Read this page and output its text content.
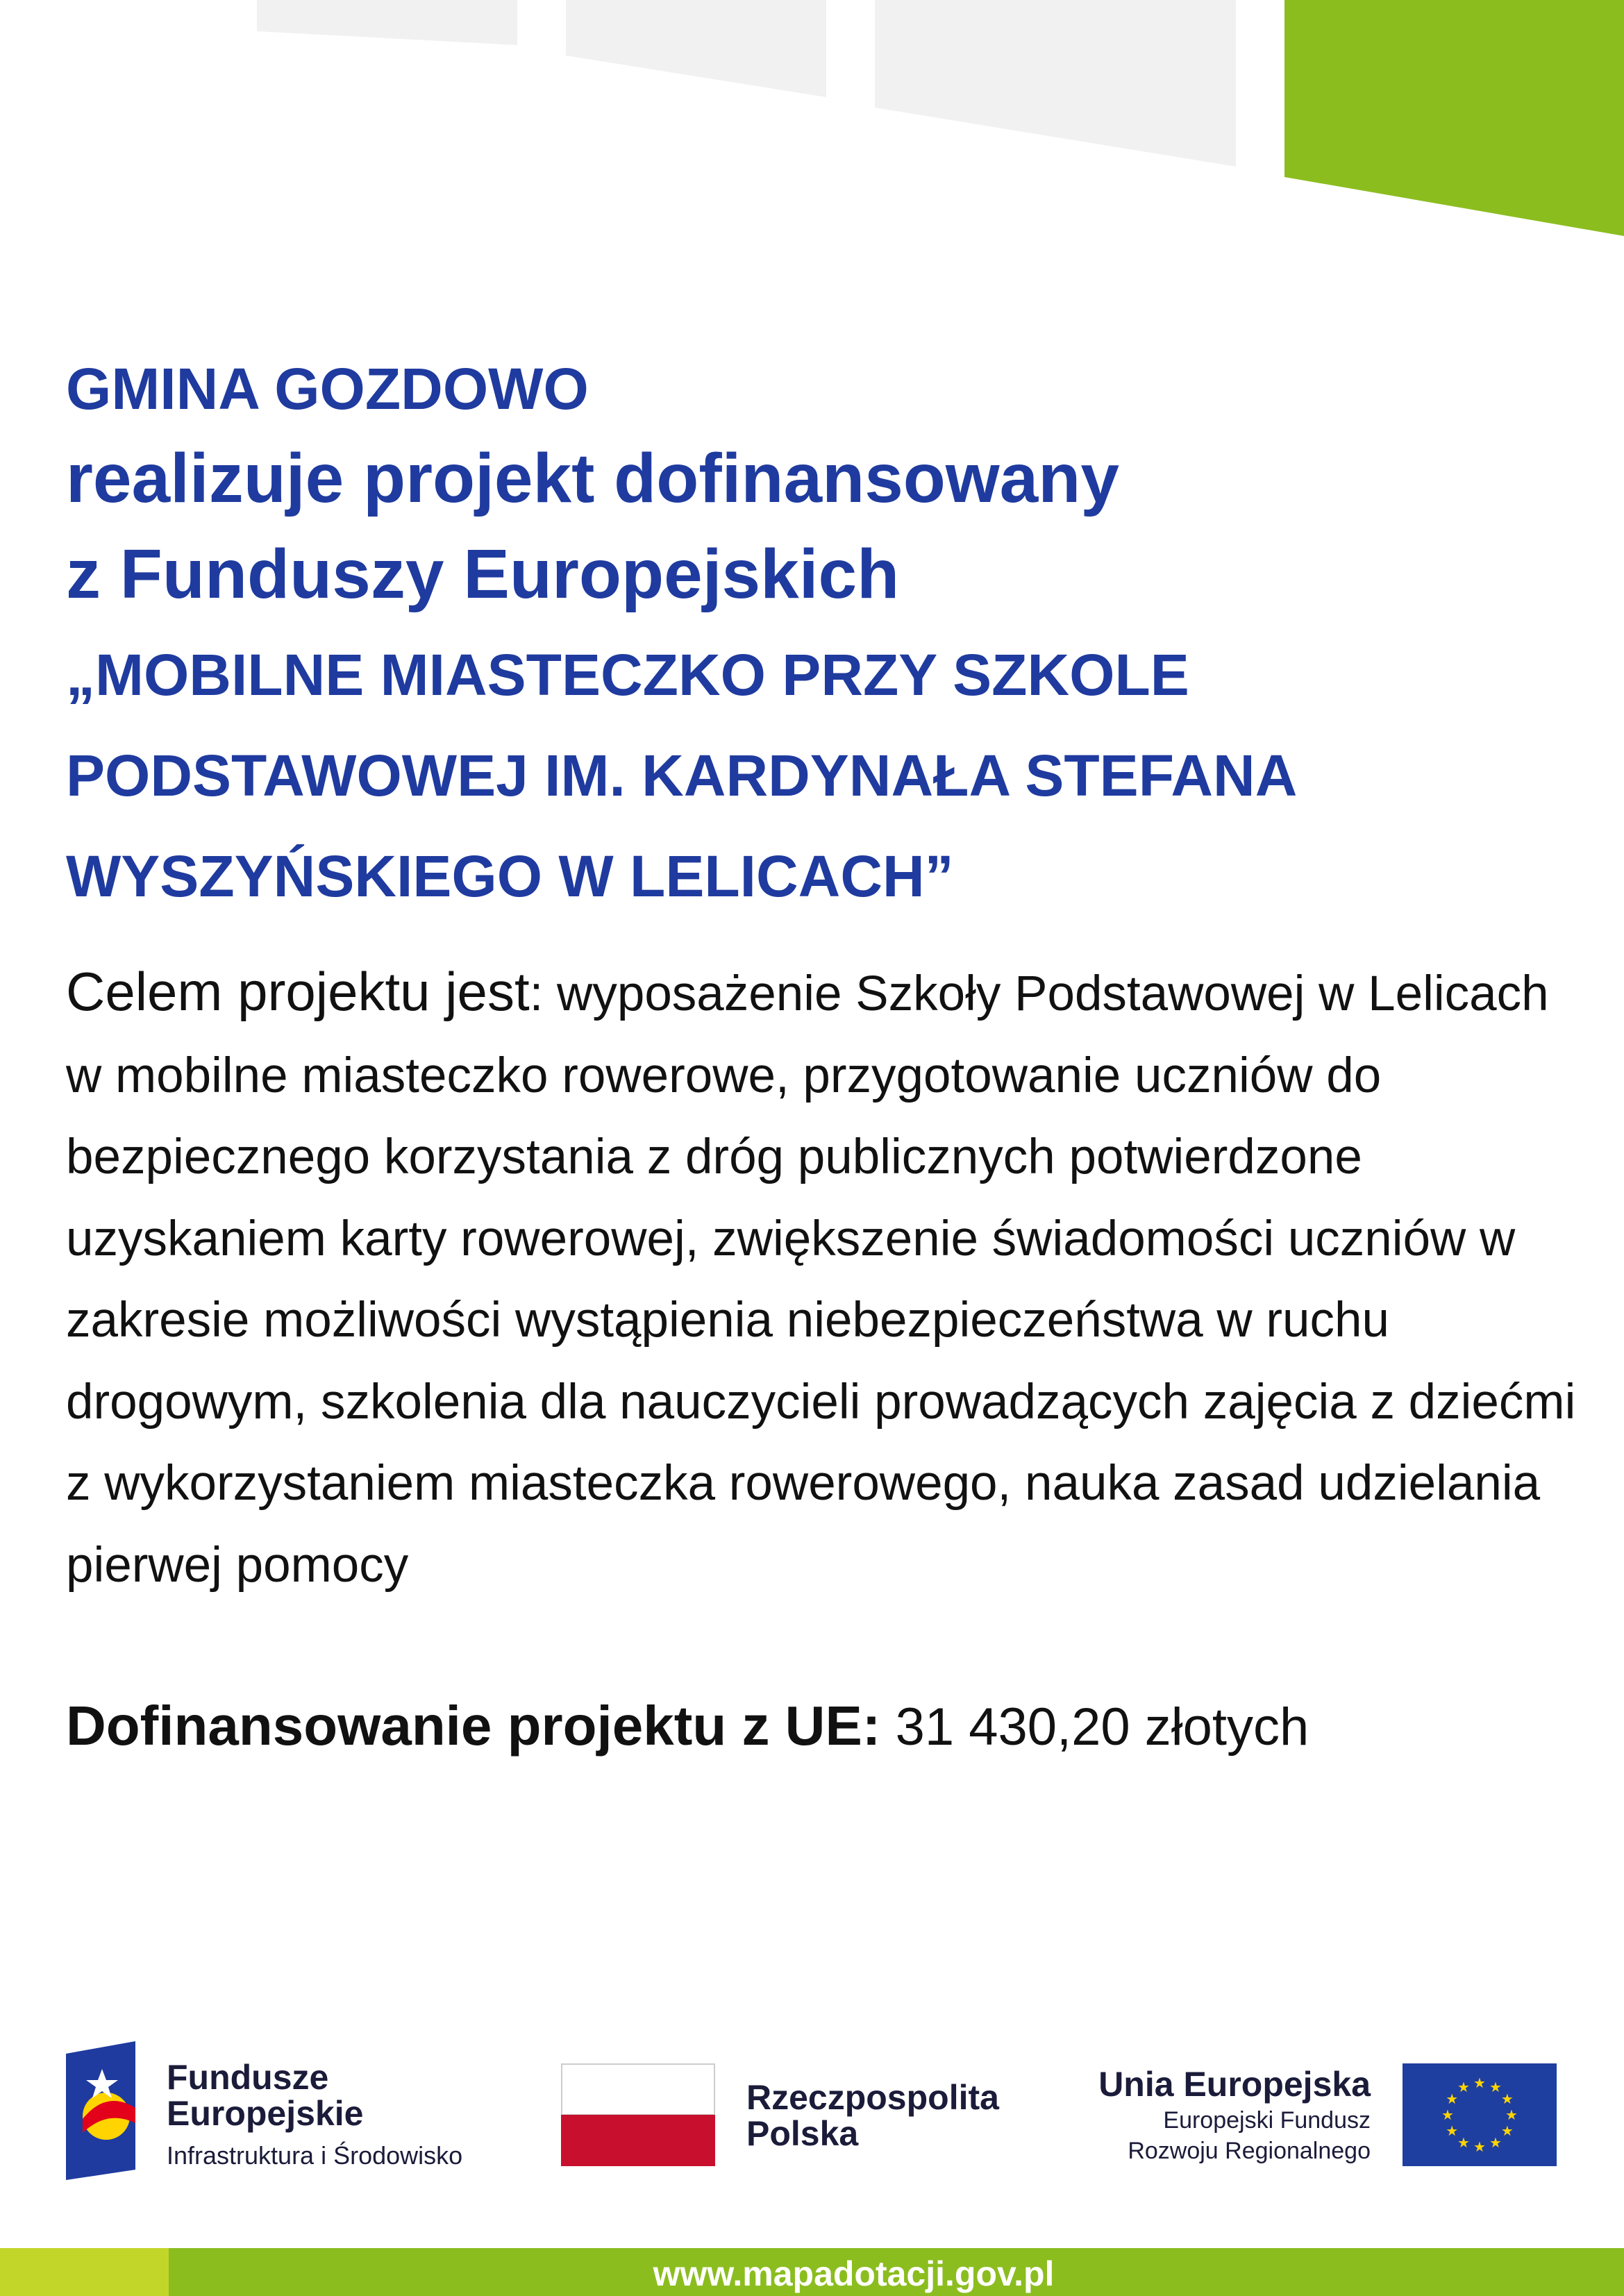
GMINA GOZDOWO
realizuje projekt dofinansowany
z Funduszy Europejskich
„MOBILNE MIASTECZKO PRZY SZKOLE
PODSTAWOWEJ IM. KARDYNAŁA STEFANA
WYSZYŃSKIEGO W LELICACH”
Celem projektu jest: wyposażenie Szkoły Podstawowej w Lelicach w mobilne miasteczko rowerowe, przygotowanie uczniów do bezpiecznego korzystania z dróg publicznych potwierdzone uzyskaniem karty rowerowej, zwiększenie świadomości uczniów w zakresie możliwości wystąpienia niebezpieczeństwa w ruchu drogowym, szkolenia dla nauczycieli prowadzących zajęcia z dziećmi z wykorzystaniem miasteczka rowerowego, nauka zasad udzielania pierwej pomocy
Dofinansowanie projektu z UE: 31 430,20 złotych
Fundusze
Europejskie
Infrastruktura i Środowisko
Rzeczpospolita
Polska
Unia Europejska
Europejski Fundusz
Rozwoju Regionalnego
★ ★
★
★
★
★
★
★
★
★
★
★
www.mapadotacji.gov.pl
